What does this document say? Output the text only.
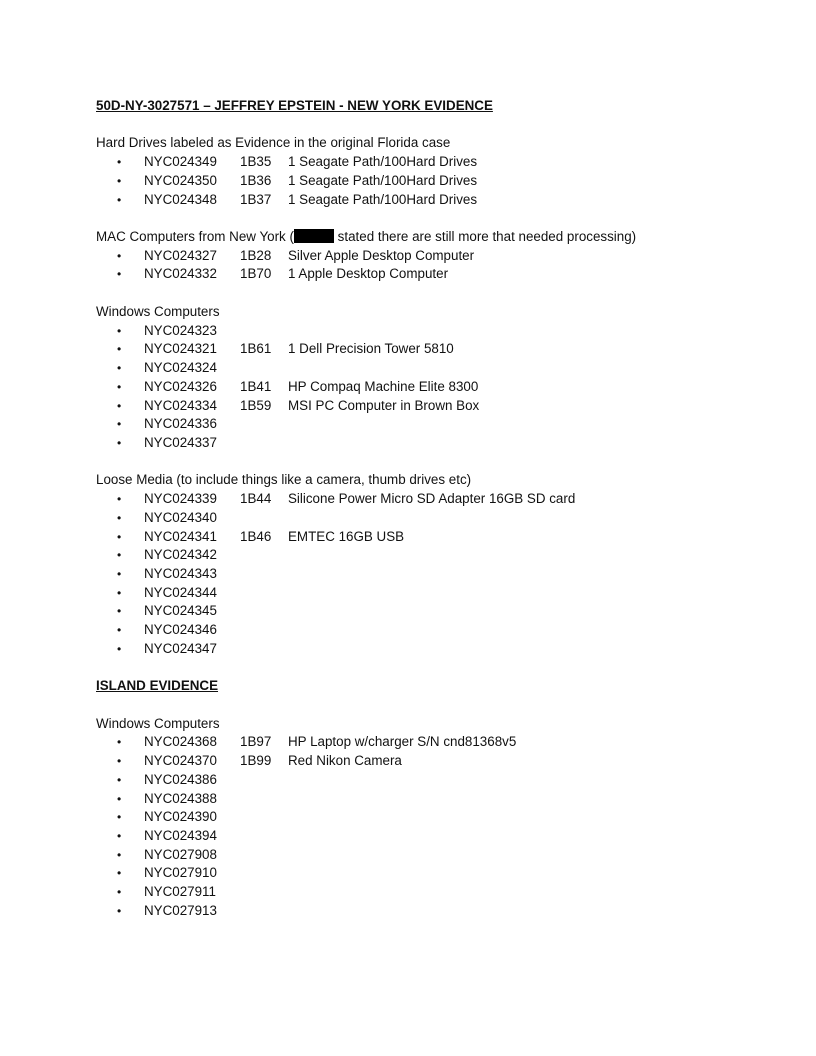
50D-NY-3027571 – JEFFREY EPSTEIN - NEW YORK EVIDENCE
Hard Drives labeled as Evidence in the original Florida case
• NYC024349 1B35 1 Seagate Path/100Hard Drives
• NYC024350 1B36 1 Seagate Path/100Hard Drives
• NYC024348 1B37 1 Seagate Path/100Hard Drives
MAC Computers from New York (	stated there are still more that needed processing)
• NYC024327 1B28 Silver Apple Desktop Computer
• NYC024332 1B70 1 Apple Desktop Computer
Windows Computers
• NYC024323
• NYC024321 1B61 1 Dell Precision Tower 5810
• NYC024324
• NYC024326 1B41 HP Compaq Machine Elite 8300
• NYC024334 1B59 MSI PC Computer in Brown Box
• NYC024336
• NYC024337
Loose Media (to include things like a camera, thumb drives etc)
• NYC024339 1B44 Silicone Power Micro SD Adapter 16GB SD card
• NYC024340
• NYC024341 1B46 EMTEC 16GB USB
• NYC024342
• NYC024343
• NYC024344
• NYC024345
• NYC024346
• NYC024347
ISLAND EVIDENCE
Windows Computers
• NYC024368 1B97 HP Laptop w/charger S/N cnd81368v5
• NYC024370 1B99 Red Nikon Camera
• NYC024386
• NYC024388
• NYC024390
• NYC024394
• NYC027908
• NYC027910
• NYC027911
• NYC027913
